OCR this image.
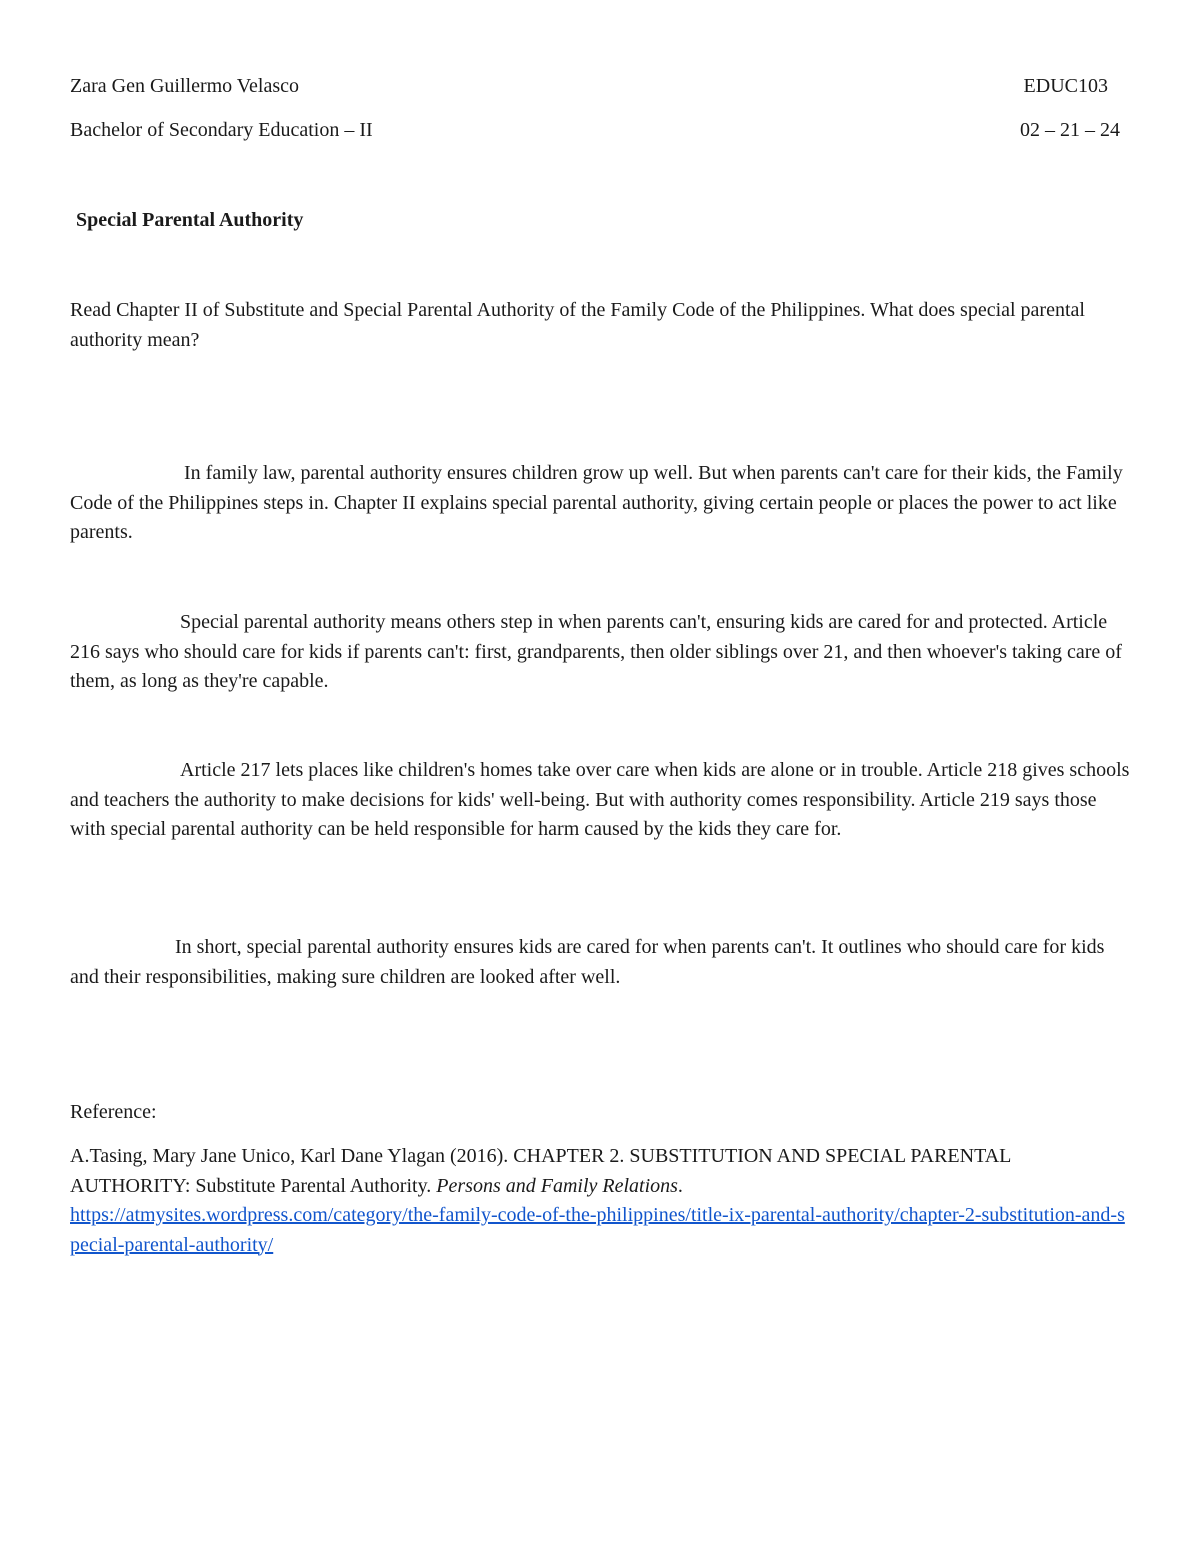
Zara Gen Guillermo Velasco	EDUC103
Bachelor of Secondary Education – II	02 – 21 – 24
Special Parental Authority

Read Chapter II of Substitute and Special Parental Authority of the Family Code of the Philippines. What does special parental authority mean?

In family law, parental authority ensures children grow up well. But when parents can't care for their kids, the Family Code of the Philippines steps in. Chapter II explains special parental authority, giving certain people or places the power to act like parents.

Special parental authority means others step in when parents can't, ensuring kids are cared for and protected. Article 216 says who should care for kids if parents can't: first, grandparents, then older siblings over 21, and then whoever's taking care of them, as long as they're capable.

Article 217 lets places like children's homes take over care when kids are alone or in trouble. Article 218 gives schools and teachers the authority to make decisions for kids' well-being. But with authority comes responsibility. Article 219 says those with special parental authority can be held responsible for harm caused by the kids they care for.

In short, special parental authority ensures kids are cared for when parents can't. It outlines who should care for kids and their responsibilities, making sure children are looked after well.

Reference:

A.Tasing, Mary Jane Unico, Karl Dane Ylagan (2016). CHAPTER 2. SUBSTITUTION AND SPECIAL PARENTAL AUTHORITY: Substitute Parental Authority. Persons and Family Relations.
https://atmysites.wordpress.com/category/the-family-code-of-the-philippines/title-ix-parental-authority/chapter-2-substitution-and-special-parental-authority/
